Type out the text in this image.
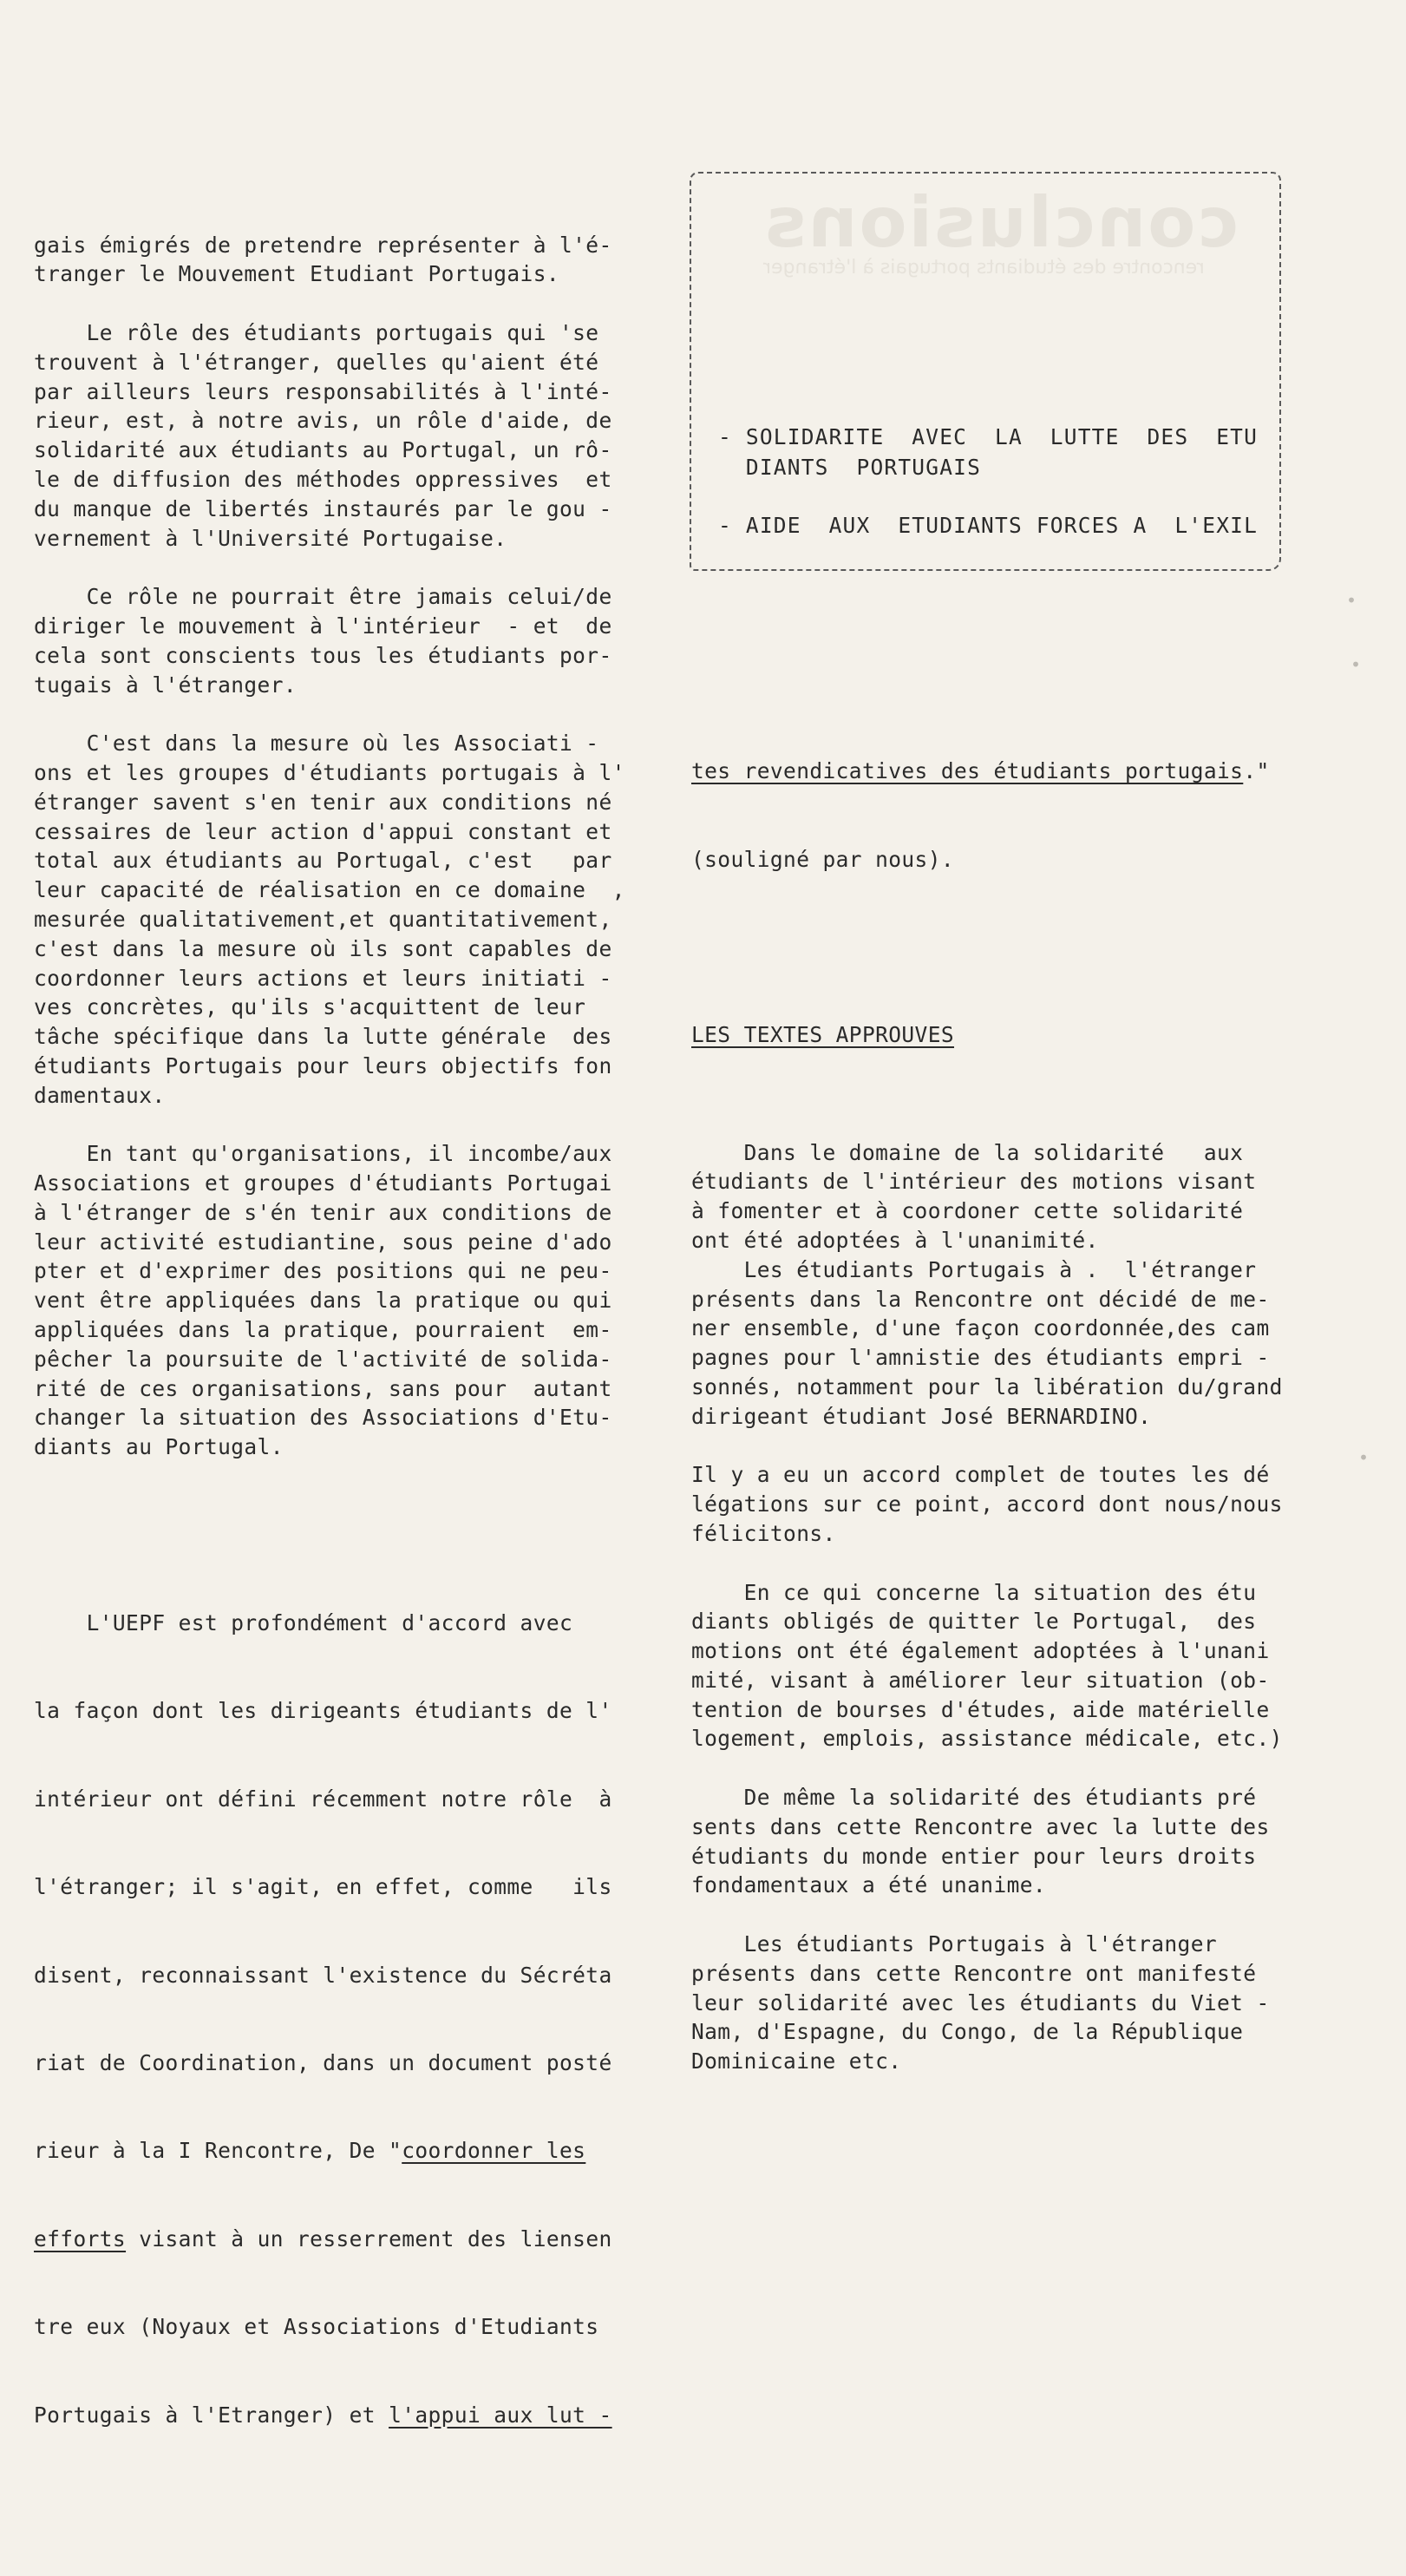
conclusions
rencontre des étudiants portugais à l'étranger
- SOLIDARITE  AVEC  LA  LUTTE  DES  ETU
DIANTS  PORTUGAIS
- AIDE  AUX  ETUDIANTS FORCES A  L'EXIL

gais émigrés de pretendre représenter à l'é-
tranger le Mouvement Etudiant Portugais.
Le rôle des étudiants portugais qui 'se
trouvent à l'étranger, quelles qu'aient été
par ailleurs leurs responsabilités à l'inté-
rieur, est, à notre avis, un rôle d'aide, de
solidarité aux étudiants au Portugal, un rô-
le de diffusion des méthodes oppressives  et
du manque de libertés instaurés par le gou -
vernement à l'Université Portugaise.
Ce rôle ne pourrait être jamais celui/de
diriger le mouvement à l'intérieur  - et  de
cela sont conscients tous les étudiants por-
tugais à l'étranger.
C'est dans la mesure où les Associati -
ons et les groupes d'étudiants portugais à l'
étranger savent s'en tenir aux conditions né
cessaires de leur action d'appui constant et
total aux étudiants au Portugal, c'est   par
leur capacité de réalisation en ce domaine  ,
mesurée qualitativement,et quantitativement,
c'est dans la mesure où ils sont capables de
coordonner leurs actions et leurs initiati -
ves concrètes, qu'ils s'acquittent de leur
tâche spécifique dans la lutte générale  des
étudiants Portugais pour leurs objectifs fon
damentaux.
En tant qu'organisations, il incombe/aux
Associations et groupes d'étudiants Portugai
à l'étranger de s'én tenir aux conditions de
leur activité estudiantine, sous peine d'ado
pter et d'exprimer des positions qui ne peu-
vent être appliquées dans la pratique ou qui
appliquées dans la pratique, pourraient  em-
pêcher la poursuite de l'activité de solida-
rité de ces organisations, sans pour  autant
changer la situation des Associations d'Etu-
diants au Portugal.

L'UEPF est profondément d'accord avec

la façon dont les dirigeants étudiants de l'

intérieur ont défini récemment notre rôle  à

l'étranger; il s'agit, en effet, comme   ils

disent, reconnaissant l'existence du Sécréta

riat de Coordination, dans un document posté

rieur à la I Rencontre, De "coordonner les

efforts visant à un resserrement des liensen

tre eux (Noyaux et Associations d'Etudiants

Portugais à l'Etranger) et l'appui aux lut -

tes revendicatives des étudiants portugais."

(souligné par nous).

LES TEXTES APPROUVES

Dans le domaine de la solidarité   aux
étudiants de l'intérieur des motions visant
à fomenter et à coordoner cette solidarité
ont été adoptées à l'unanimité.
Les étudiants Portugais à .  l'étranger
présents dans la Rencontre ont décidé de me-
ner ensemble, d'une façon coordonnée,des cam
pagnes pour l'amnistie des étudiants empri -
sonnés, notamment pour la libération du/grand
dirigeant étudiant José BERNARDINO.
Il y a eu un accord complet de toutes les dé
légations sur ce point, accord dont nous/nous
félicitons.
En ce qui concerne la situation des étu
diants obligés de quitter le Portugal,  des
motions ont été également adoptées à l'unani
mité, visant à améliorer leur situation (ob-
tention de bourses d'études, aide matérielle
logement, emplois, assistance médicale, etc.)
De même la solidarité des étudiants pré
sents dans cette Rencontre avec la lutte des
étudiants du monde entier pour leurs droits
fondamentaux a été unanime.
Les étudiants Portugais à l'étranger
présents dans cette Rencontre ont manifesté
leur solidarité avec les étudiants du Viet -
Nam, d'Espagne, du Congo, de la République
Dominicaine etc.

•
•
•
